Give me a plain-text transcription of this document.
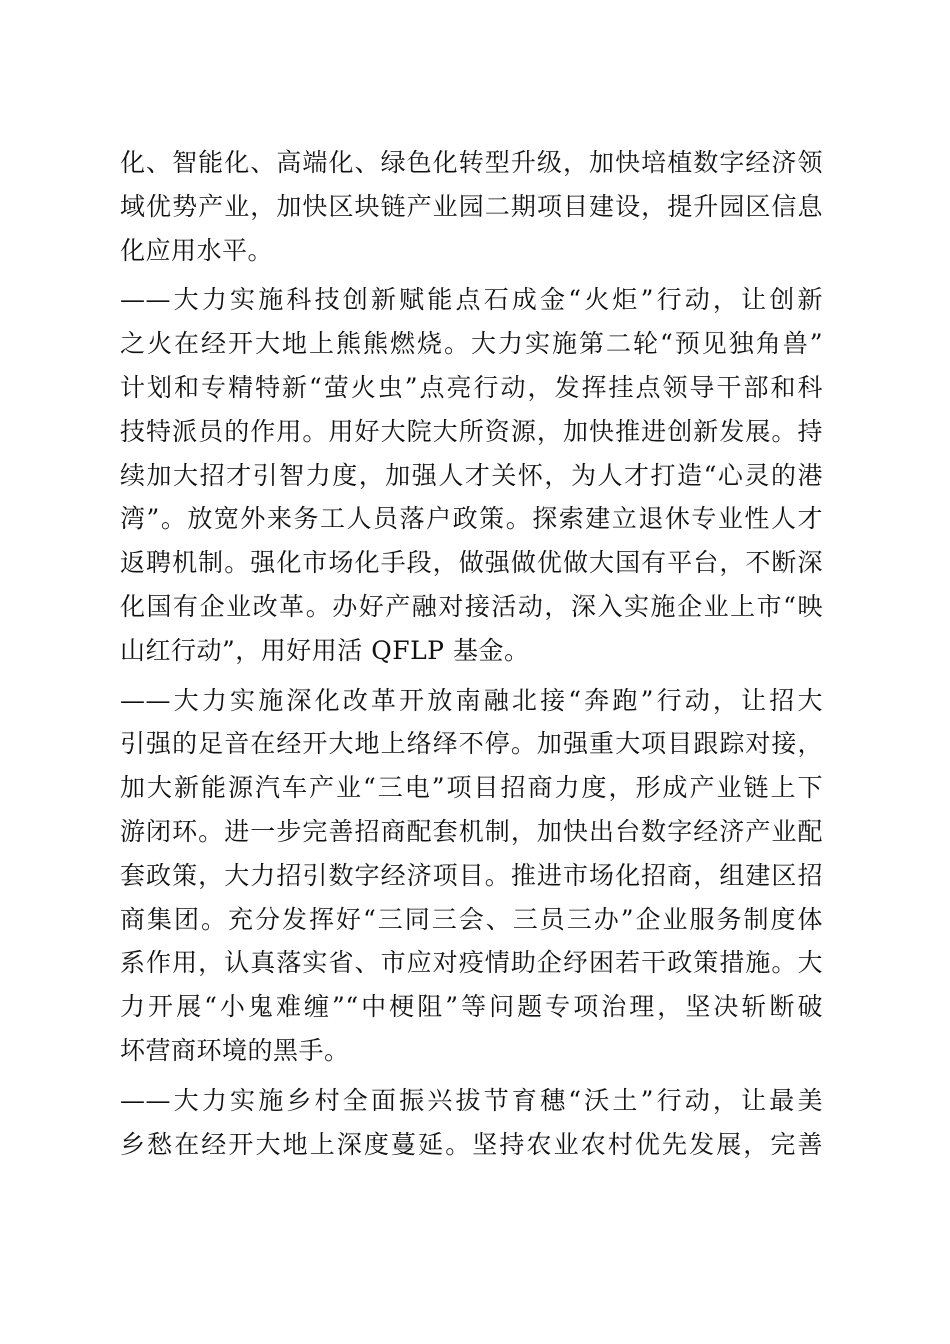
化、智能化、高端化、绿色化转型升级，加快培植数字经济领
域优势产业，加快区块链产业园二期项目建设，提升园区信息
化应用水平。
——大力实施科技创新赋能点石成金“火炬”行动，让创新
之火在经开大地上熊熊燃烧。大力实施第二轮“预见独角兽”
计划和专精特新“萤火虫”点亮行动，发挥挂点领导干部和科
技特派员的作用。用好大院大所资源，加快推进创新发展。持
续加大招才引智力度，加强人才关怀，为人才打造“心灵的港
湾”。放宽外来务工人员落户政策。探索建立退休专业性人才
返聘机制。强化市场化手段，做强做优做大国有平台，不断深
化国有企业改革。办好产融对接活动，深入实施企业上市“映
山红行动”，用好用活 QFLP 基金。
——大力实施深化改革开放南融北接“奔跑”行动，让招大
引强的足音在经开大地上络绎不停。加强重大项目跟踪对接，
加大新能源汽车产业“三电”项目招商力度，形成产业链上下
游闭环。进一步完善招商配套机制，加快出台数字经济产业配
套政策，大力招引数字经济项目。推进市场化招商，组建区招
商集团。充分发挥好“三同三会、三员三办”企业服务制度体
系作用，认真落实省、市应对疫情助企纾困若干政策措施。大
力开展“小鬼难缠”“中梗阻”等问题专项治理，坚决斩断破
坏营商环境的黑手。
——大力实施乡村全面振兴拔节育穗“沃土”行动，让最美
乡愁在经开大地上深度蔓延。坚持农业农村优先发展，完善
